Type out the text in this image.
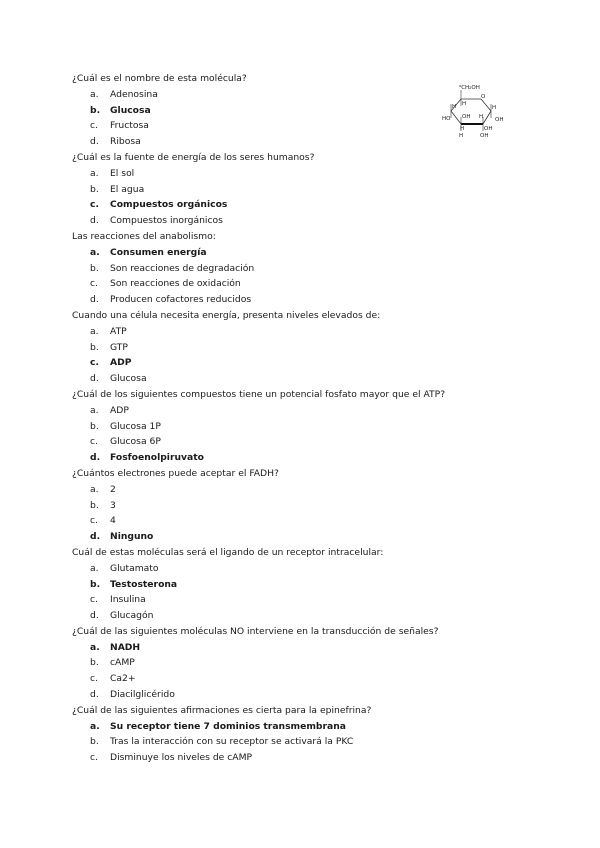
¿Cuál es el nombre de esta molécula?
a.	Adenosina
b.	Glucosa
c.	Fructosa
d.	Ribosa
¿Cuál es la fuente de energía de los seres humanos?
a.	El sol
b.	El agua
c.	Compuestos orgánicos
d.	Compuestos inorgánicos
Las reacciones del anabolismo:
a.	Consumen energía
b.	Son reacciones de degradación
c.	Son reacciones de oxidación
d.	Producen cofactores reducidos
Cuando una célula necesita energía, presenta niveles elevados de:
a.	ATP
b.	GTP
c.	ADP
d.	Glucosa
¿Cuál de los siguientes compuestos tiene un potencial fosfato mayor que el ATP?
a.	ADP
b.	Glucosa 1P
c.	Glucosa 6P
d.	Fosfoenolpiruvato
¿Cuántos electrones puede aceptar el FADH?
a.	2
b.	3
c.	4
d.	Ninguno
Cuál de estas moléculas será el ligando de un receptor intracelular:
a.	Glutamato
b.	Testosterona
c.	Insulina
d.	Glucagón
¿Cuál de las siguientes moléculas NO interviene en la transducción de señales?
a.	NADH
b.	cAMP
c.	Ca2+
d.	Diacilglicérido
¿Cuál de las siguientes afirmaciones es cierta para la epinefrina?
a.	Su receptor tiene 7 dominios transmembrana
b.	Tras la interacción con su receptor se activará la PKC
c.	Disminuye los niveles de cAMP
⁶CH₂OH
O
H
H
HO OH H
H
OH
H	OH
H	OH
